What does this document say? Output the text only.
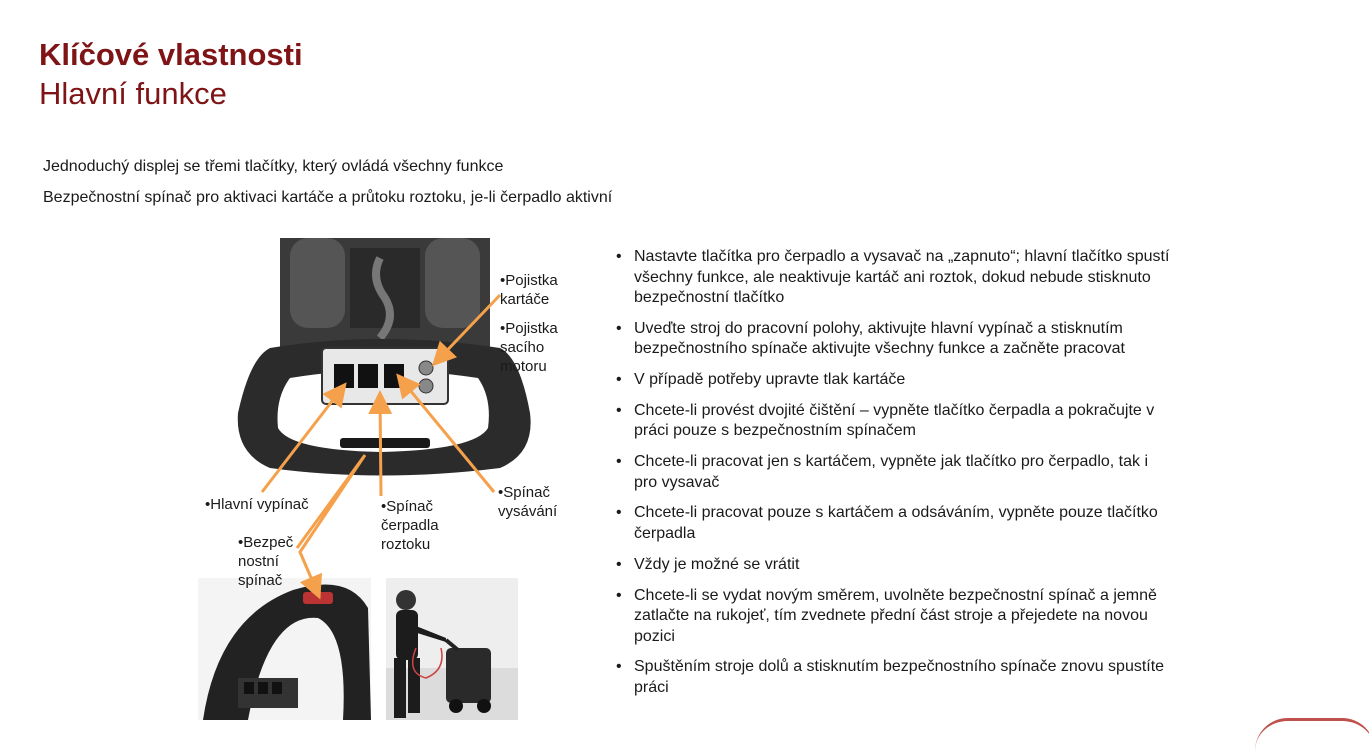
Klíčové vlastnosti
Hlavní funkce
Jednoduchý displej se třemi tlačítky, který ovládá všechny funkce
Bezpečnostní spínač pro aktivaci kartáče a průtoku roztoku, je-li čerpadlo aktivní
•Pojistka
kartáče
•Pojistka
sacího
motoru
•Hlavní vypínač	•Spínač
čerpadla
roztoku
•Spínač
vysávání
•Bezpeč
nostní
spínač
• Nastavte tlačítka pro čerpadlo a vysavač na „zapnuto“; hlavní tlačítko spustí všechny funkce, ale neaktivuje kartáč ani roztok, dokud nebude stisknuto bezpečnostní tlačítko
• Uveďte stroj do pracovní polohy, aktivujte hlavní vypínač a stisknutím bezpečnostního spínače aktivujte všechny funkce a začněte pracovat
• V případě potřeby upravte tlak kartáče
• Chcete-li provést dvojité čištění – vypněte tlačítko čerpadla a pokračujte v práci pouze s bezpečnostním spínačem
• Chcete-li pracovat jen s kartáčem, vypněte jak tlačítko pro čerpadlo, tak i pro vysavač
• Chcete-li pracovat pouze s kartáčem a odsáváním, vypněte pouze tlačítko čerpadla
• Vždy je možné se vrátit
• Chcete-li se vydat novým směrem, uvolněte bezpečnostní spínač a jemně zatlačte na rukojeť, tím zvednete přední část stroje a přejedete na novou pozici
• Spuštěním stroje dolů a stisknutím bezpečnostního spínače znovu spustíte práci
